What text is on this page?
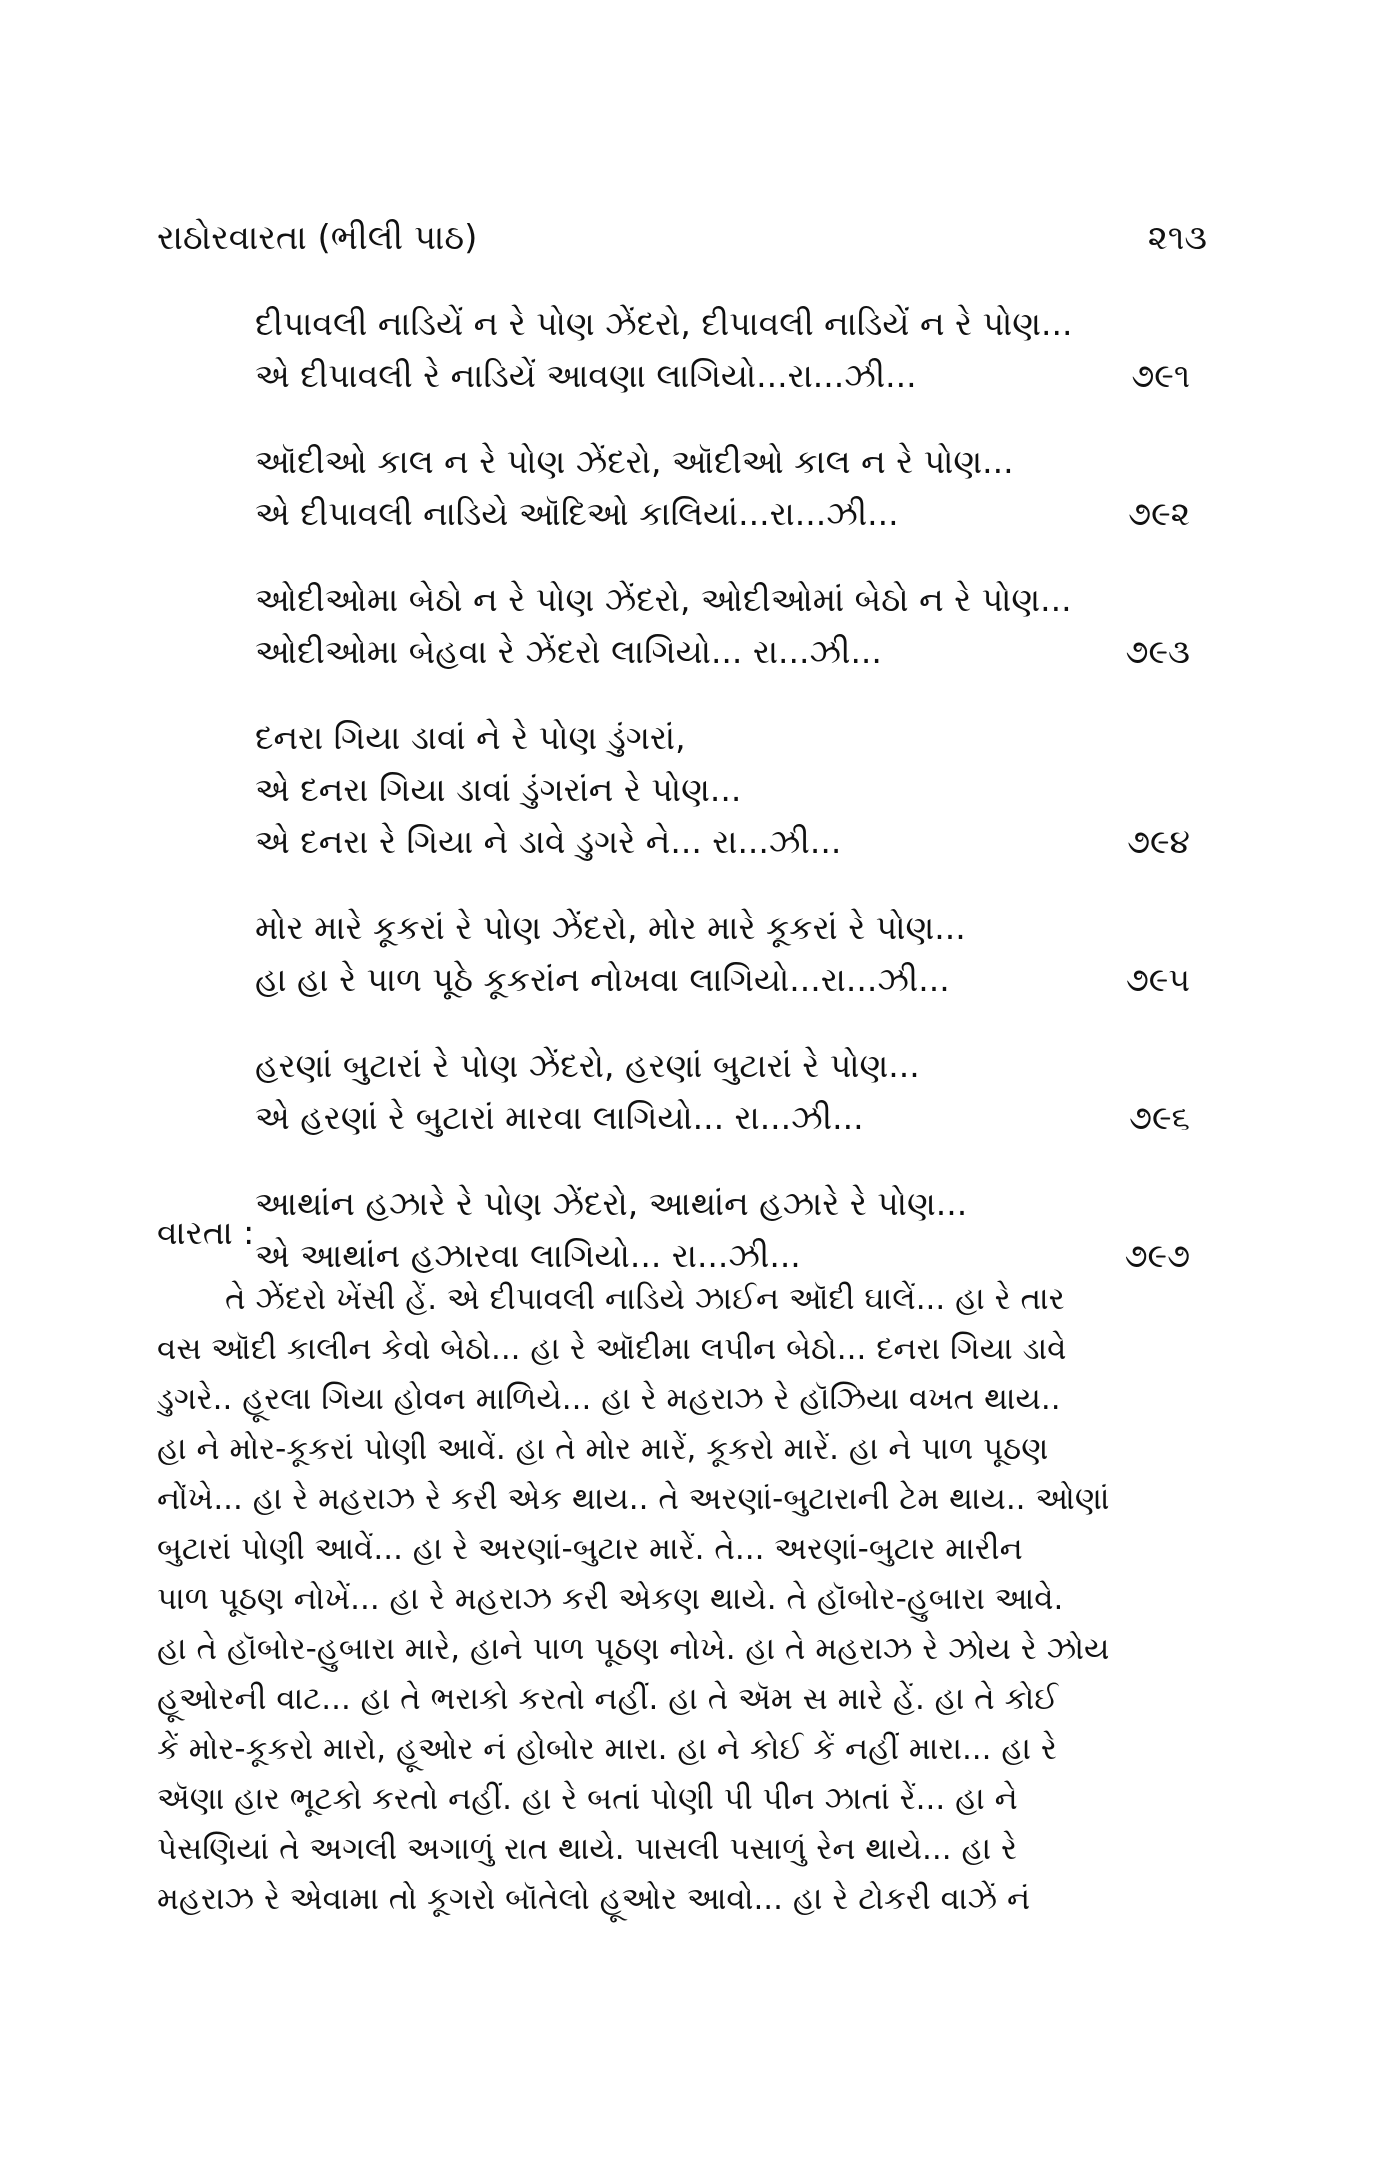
રાઠોરવારતા (ભીલી પાઠ)	૨૧૩
દીપાવલી નાડિયેં ન રે પોણ ઝેંદરો, દીપાવલી નાડિયેં ન રે પોણ...
એ દીપાવલી રે નાડિયેં આવણા લાગિયો...રા...ઝી...	૭૯૧
ઑદીઓ કાલ ન રે પોણ ઝેંદરો, ઑદીઓ કાલ ન રે પોણ...
એ દીપાવલી નાડિયે ઑદિઓ કાલિયાં...રા...ઝી...	૭૯૨
ઓદીઓમા બેઠો ન રે પોણ ઝેંદરો, ઓદીઓમાં બેઠો ન રે પોણ...
ઓદીઓમા બેહવા રે ઝેંદરો લાગિયો... રા...ઝી...	૭૯૩
દનરા ગિયા ડાવાં ને રે પોણ ડુંગરાં,
એ દનરા ગિયા ડાવાં ડુંગરાંન રે પોણ...
એ દનરા રે ગિયા ને ડાવે ડુગરે ને... રા...ઝી...	૭૯૪
મોર મારે કૂકરાં રે પોણ ઝેંદરો, મોર મારે કૂકરાં રે પોણ...
હા હા રે પાળ પૂઠે કૂકરાંન નોખવા લાગિયો...રા...ઝી...	૭૯૫
હરણાં બુટારાં રે પોણ ઝેંદરો, હરણાં બુટારાં રે પોણ...
એ હરણાં રે બુટારાં મારવા લાગિયો... રા...ઝી...	૭૯૬
આથાંન હઝારે રે પોણ ઝેંદરો, આથાંન હઝારે રે પોણ...
એ આથાંન હઝારવા લાગિયો... રા...ઝી...	૭૯૭
વારતા :

તે ઝેંદરો ખેંસી હેં. એ દીપાવલી નાડિયે ઝાઈન ઑદી ઘાલેં... હા રે તાર
વસ ઑદી કાલીન કેવો બેઠો... હા રે ઑદીમા લપીન બેઠો... દનરા ગિયા ડાવે
ડુગરે.. હૂરલા ગિયા હોવન માળિયે... હા રે મહરાઝ રે હૉઝિયા વખત થાય..
હા ને મોર-કૂકરાં પોણી આવેં. હા તે મોર મારેં, કૂકરો મારેં. હા ને પાળ પૂઠણ
નોંખે... હા રે મહરાઝ રે કરી એક થાય.. તે અરણાં-બુટારાની ટેમ થાય.. ઓણાં
બુટારાં પોણી આવેં... હા રે અરણાં-બુટાર મારેં. તે... અરણાં-બુટાર મારીન
પાળ પૂઠણ નોખેં... હા રે મહરાઝ કરી એકણ થાયે. તે હૉબોર-હુબારા આવે.
હા તે હૉબોર-હુબારા મારે, હાને પાળ પૂઠણ નોખે. હા તે મહરાઝ રે ઝોય રે ઝોય
હૂઓરની વાટ... હા તે ભરાકો કરતો નહીં. હા તે ઍમ સ મારે હેં. હા તે કોઈ
કેં મોર-કૂકરો મારો, હૂઓર નં હોબોર મારા. હા ને કોઈ કેં નહીં મારા... હા રે
ઍણા હાર ભૂટકો કરતો નહીં. હા રે બતાં પોણી પી પીન ઝાતાં રેં... હા ને
પેસણિયાં તે અગલી અગાળું રાત થાયે. પાસલી પસાળું રેન થાયે... હા રે
મહરાઝ રે એવામા તો કૂગરો બૉતેલો હૂઓર આવો... હા રે ટોકરી વાઝેં નં
